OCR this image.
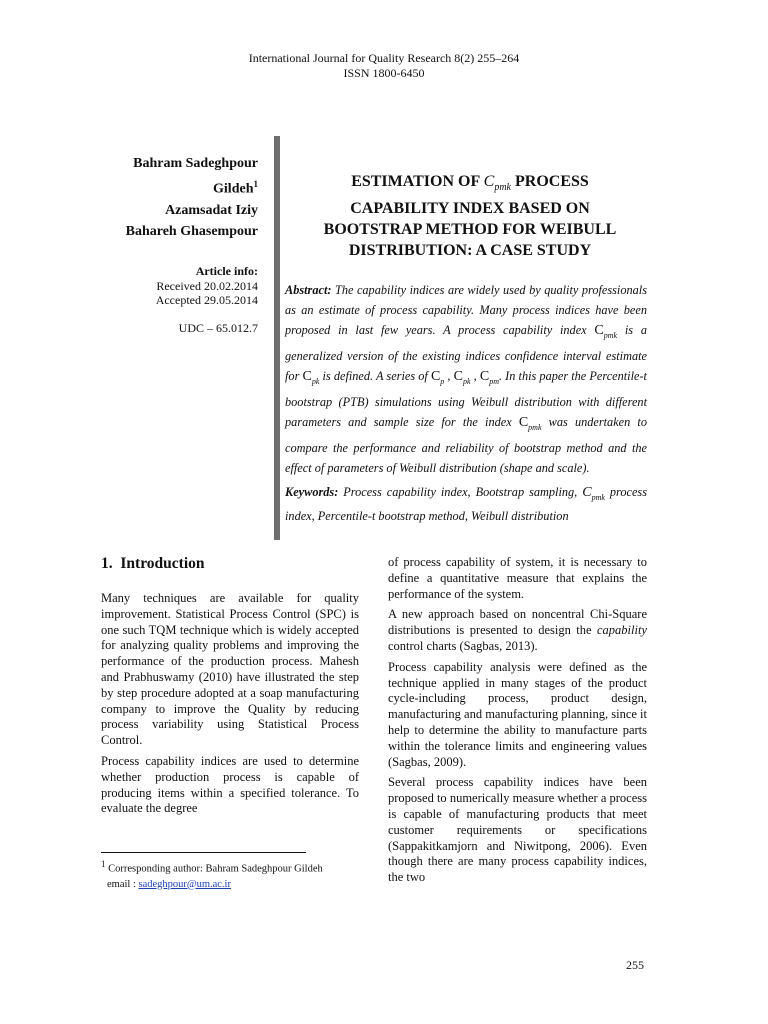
International Journal for Quality Research 8(2) 255–264
ISSN 1800-6450
Bahram Sadeghpour
Gildeh$^1$
Azamsadat Iziy
Bahareh Ghasempour
Article info:
Received 20.02.2014
Accepted 29.05.2014
UDC – 65.012.7
ESTIMATION OF $C_{pmk}$ PROCESS
CAPABILITY INDEX BASED ON
BOOTSTRAP METHOD FOR WEIBULL
DISTRIBUTION: A CASE STUDY
Abstract: The capability indices are widely used by quality professionals as an estimate of process capability. Many process indices have been proposed in last few years. A process capability index $C_{pmk}$ is a generalized version of the existing indices confidence interval estimate for $C_{pk}$ is defined. A series of $C_p$ , $C_{pk}$ , $C_{pm}$. In this paper the Percentile-t bootstrap (PTB) simulations using Weibull distribution with different parameters and sample size for the index $C_{pmk}$ was undertaken to compare the performance and reliability of bootstrap method and the effect of parameters of Weibull distribution (shape and scale).
Keywords: Process capability index, Bootstrap sampling, $C_{pmk}$ process index, Percentile-t bootstrap method, Weibull distribution
1. Introduction

Many techniques are available for quality improvement. Statistical Process Control (SPC) is one such TQM technique which is widely accepted for analyzing quality problems and improving the performance of the production process. Mahesh and Prabhuswamy (2010) have illustrated the step by step procedure adopted at a soap manufacturing company to improve the Quality by reducing process variability using Statistical Process Control.

Process capability indices are used to determine whether production process is capable of producing items within a specified tolerance. To evaluate the degree

of process capability of system, it is necessary to define a quantitative measure that explains the performance of the system.

A new approach based on noncentral Chi-Square distributions is presented to design the capability control charts (Sagbas, 2013).

Process capability analysis were defined as the technique applied in many stages of the product cycle-including process, product design, manufacturing and manufacturing planning, since it help to determine the ability to manufacture parts within the tolerance limits and engineering values (Sagbas, 2009).

Several process capability indices have been proposed to numerically measure whether a process is capable of manufacturing products that meet customer requirements or specifications (Sappakitkamjorn and Niwitpong, 2006). Even though there are many process capability indices, the two

$^1$ Corresponding author: Bahram Sadeghpour Gildeh
email : sadeghpour@um.ac.ir
255
